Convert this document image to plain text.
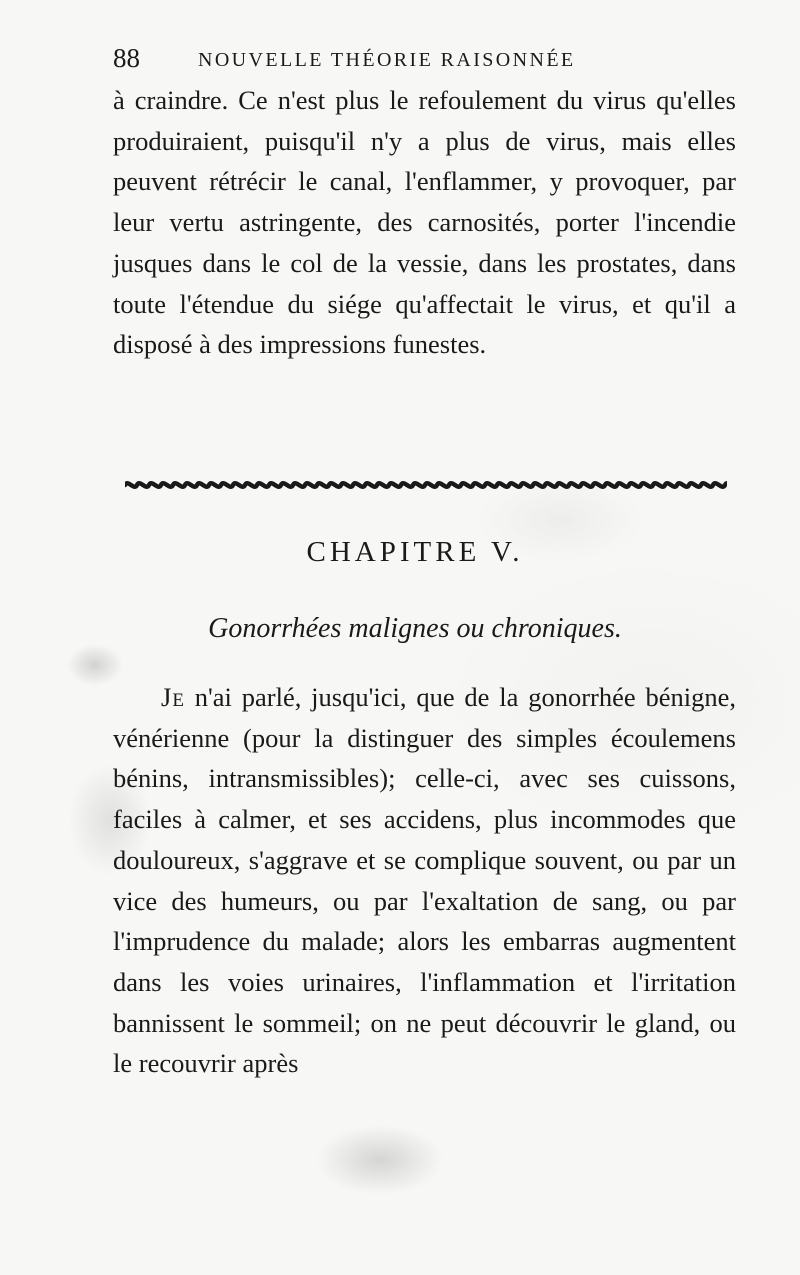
88	NOUVELLE THÉORIE RAISONNÉE
à craindre. Ce n'est plus le refoulement du virus qu'elles produiraient, puisqu'il n'y a plus de virus, mais elles peuvent rétrécir le canal, l'enflammer, y provoquer, par leur vertu astringente, des carnosités, porter l'incendie jusques dans le col de la vessie, dans les prostates, dans toute l'étendue du siége qu'affectait le virus, et qu'il a disposé à des impressions funestes.
CHAPITRE V.
Gonorrhées malignes ou chroniques.
Je n'ai parlé, jusqu'ici, que de la gonorrhée bénigne, vénérienne (pour la distinguer des simples écoulemens bénins, intransmissibles); celle-ci, avec ses cuissons, faciles à calmer, et ses accidens, plus incommodes que douloureux, s'aggrave et se complique souvent, ou par un vice des humeurs, ou par l'exaltation de sang, ou par l'imprudence du malade; alors les embarras augmentent dans les voies urinaires, l'inflammation et l'irritation bannissent le sommeil; on ne peut découvrir le gland, ou le recouvrir après
